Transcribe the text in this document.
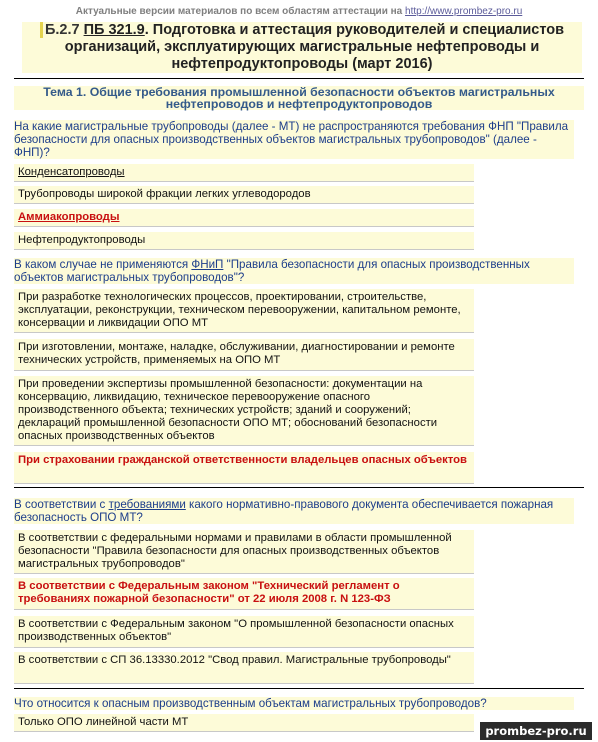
Актуальные версии материалов по всем областям аттестации на http://www.prombez-pro.ru
Б.2.7 ПБ 321.9. Подготовка и аттестация руководителей и специалистов организаций, эксплуатирующих магистральные нефтепроводы и нефтепродуктопроводы (март 2016)
Тема 1. Общие требования промышленной безопасности объектов магистральных нефтепроводов и нефтепродуктопроводов
На какие магистральные трубопроводы (далее - МТ) не распространяются требования ФНП "Правила безопасности для опасных производственных объектов магистральных трубопроводов" (далее - ФНП)?
Конденсатопроводы
Трубопроводы широкой фракции легких углеводородов
Аммиакопроводы
Нефтепродуктопроводы
В каком случае не применяются ФНиП "Правила безопасности для опасных производственных объектов магистральных трубопроводов"?
При разработке технологических процессов, проектировании, строительстве, эксплуатации, реконструкции, техническом перевооружении, капитальном ремонте, консервации и ликвидации ОПО МТ
При изготовлении, монтаже, наладке, обслуживании, диагностировании и ремонте технических устройств, применяемых на ОПО МТ
При проведении экспертизы промышленной безопасности: документации на консервацию, ликвидацию, техническое перевооружение опасного производственного объекта; технических устройств; зданий и сооружений; деклараций промышленной безопасности ОПО МТ; обоснований безопасности опасных производственных объектов
При страховании гражданской ответственности владельцев опасных объектов
В соответствии с требованиями какого нормативно-правового документа обеспечивается пожарная безопасность ОПО МТ?
В соответствии с федеральными нормами и правилами в области промышленной безопасности "Правила безопасности для опасных производственных объектов магистральных трубопроводов"
В соответствии с Федеральным законом "Технический регламент о требованиях пожарной безопасности" от 22 июля 2008 г. N 123-ФЗ
В соответствии с Федеральным законом "О промышленной безопасности опасных производственных объектов"
В соответствии с СП 36.13330.2012 "Свод правил. Магистральные трубопроводы"
Что относится к опасным производственным объектам магистральных трубопроводов?
Только ОПО линейной части МТ
prombez-pro.ru
